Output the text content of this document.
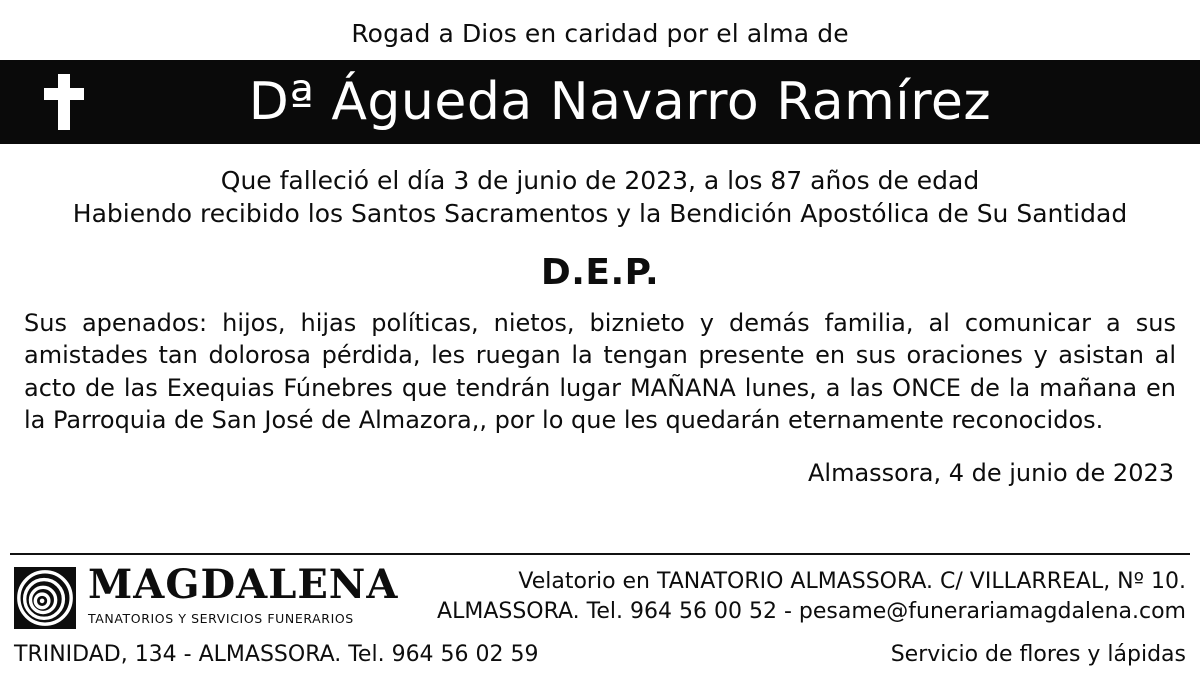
Rogad a Dios en caridad por el alma de
Dª Águeda Navarro Ramírez
Que falleció el día 3 de junio de 2023, a los 87 años de edad
Habiendo recibido los Santos Sacramentos y la Bendición Apostólica de Su Santidad
D.E.P.
Sus apenados: hijos, hijas políticas, nietos, biznieto y demás familia, al comunicar a sus amistades tan dolorosa pérdida, les ruegan la tengan presente en sus oraciones y asistan al acto de las Exequias Fúnebres que tendrán lugar MAÑANA lunes, a las ONCE de la mañana en la Parroquia de San José de Almazora,, por lo que les quedarán eternamente reconocidos.
Almassora, 4 de junio de 2023
MAGDALENA
TANATORIOS Y SERVICIOS FUNERARIOS
Velatorio en TANATORIO ALMASSORA. C/ VILLARREAL, Nº 10.
ALMASSORA. Tel. 964 56 00 52 - pesame@funerariamagdalena.com
TRINIDAD, 134 - ALMASSORA. Tel. 964 56 02 59	Servicio de flores y lápidas
